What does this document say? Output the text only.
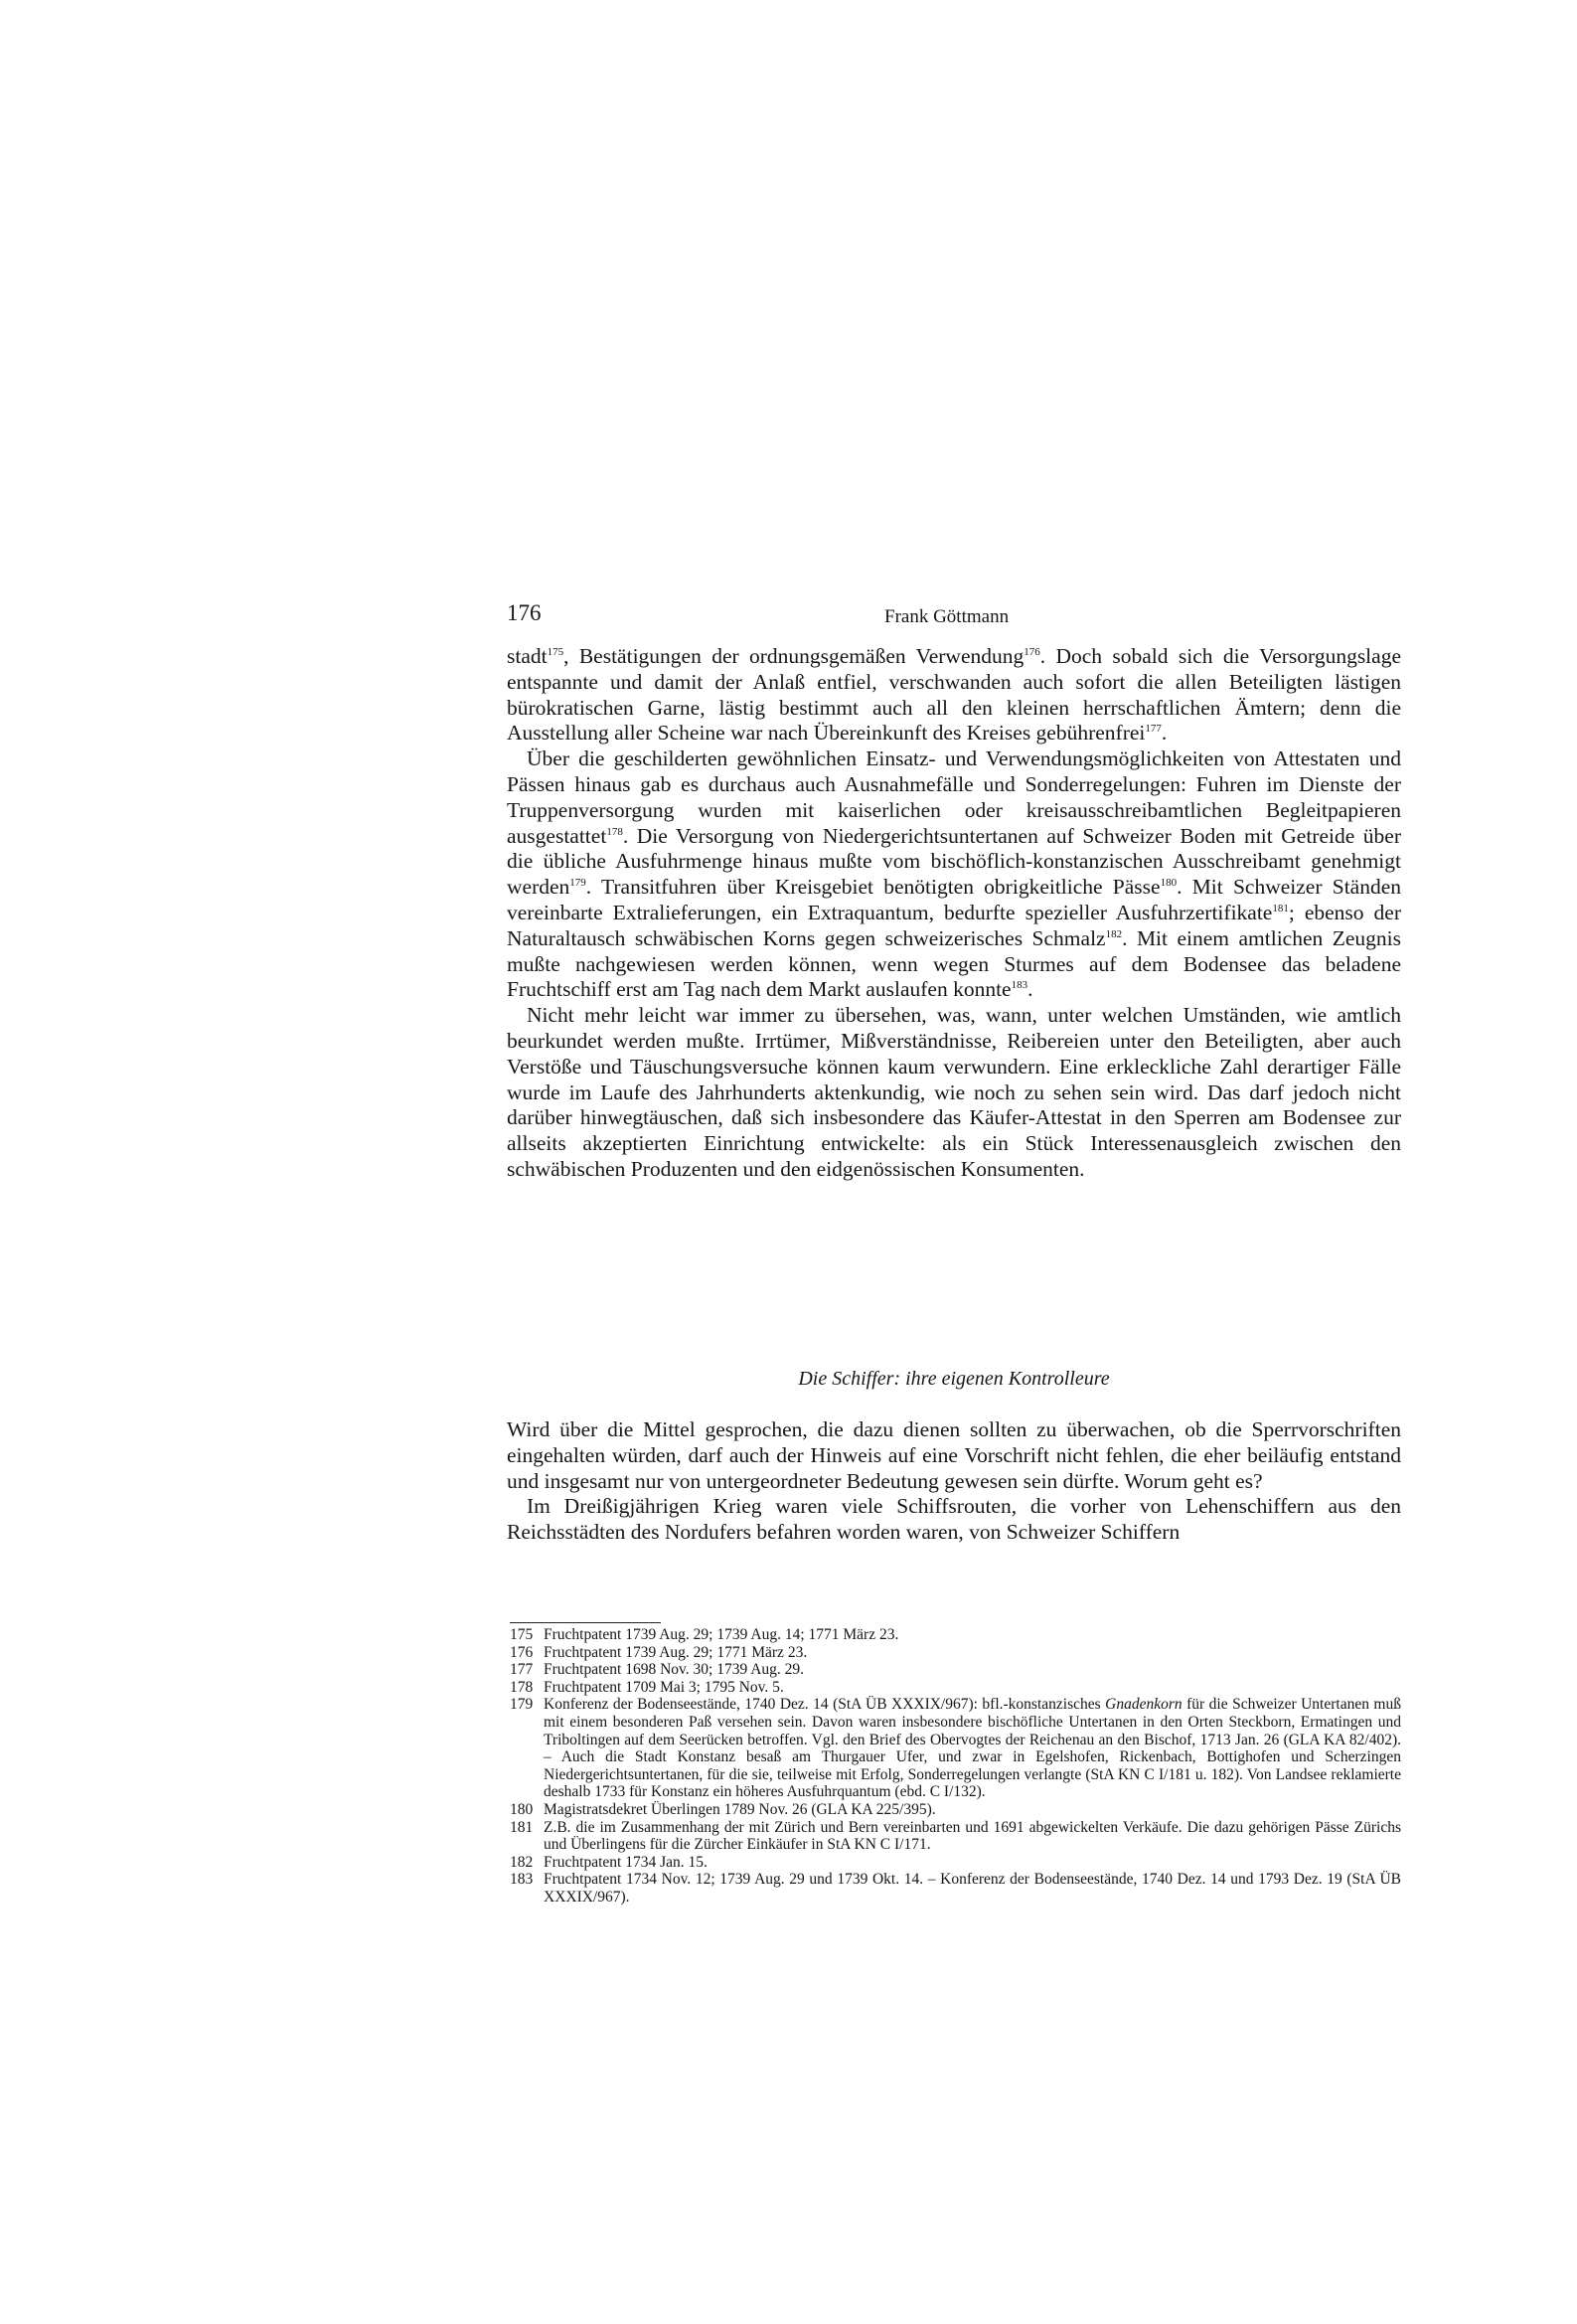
176	Frank Göttmann

stadt$^{175}$, Bestätigungen der ordnungsgemäßen Verwendung$^{176}$. Doch sobald sich die Versorgungslage entspannte und damit der Anlaß entfiel, verschwanden auch sofort die allen Beteiligten lästigen bürokratischen Garne, lästig bestimmt auch all den kleinen herrschaftlichen Ämtern; denn die Ausstellung aller Scheine war nach Übereinkunft des Kreises gebührenfrei$^{177}$.

Über die geschilderten gewöhnlichen Einsatz- und Verwendungsmöglichkeiten von Attestaten und Pässen hinaus gab es durchaus auch Ausnahmefälle und Sonderregelungen: Fuhren im Dienste der Truppenversorgung wurden mit kaiserlichen oder kreisausschreibamtlichen Begleitpapieren ausgestattet$^{178}$. Die Versorgung von Niedergerichtsuntertanen auf Schweizer Boden mit Getreide über die übliche Ausfuhrmenge hinaus mußte vom bischöflich-konstanzischen Ausschreibamt genehmigt werden$^{179}$. Transitfuhren über Kreisgebiet benötigten obrigkeitliche Pässe$^{180}$. Mit Schweizer Ständen vereinbarte Extralieferungen, ein Extraquantum, bedurfte spezieller Ausfuhrzertifikate$^{181}$; ebenso der Naturaltausch schwäbischen Korns gegen schweizerisches Schmalz$^{182}$. Mit einem amtlichen Zeugnis mußte nachgewiesen werden können, wenn wegen Sturmes auf dem Bodensee das beladene Fruchtschiff erst am Tag nach dem Markt auslaufen konnte$^{183}$.

Nicht mehr leicht war immer zu übersehen, was, wann, unter welchen Umständen, wie amtlich beurkundet werden mußte. Irrtümer, Mißverständnisse, Reibereien unter den Beteiligten, aber auch Verstöße und Täuschungsversuche können kaum verwundern. Eine erkleckliche Zahl derartiger Fälle wurde im Laufe des Jahrhunderts aktenkundig, wie noch zu sehen sein wird. Das darf jedoch nicht darüber hinwegtäuschen, daß sich insbesondere das Käufer-Attestat in den Sperren am Bodensee zur allseits akzeptierten Einrichtung entwickelte: als ein Stück Interessenausgleich zwischen den schwäbischen Produzenten und den eidgenössischen Konsumenten.

Die Schiffer: ihre eigenen Kontrolleure

Wird über die Mittel gesprochen, die dazu dienen sollten zu überwachen, ob die Sperrvorschriften eingehalten würden, darf auch der Hinweis auf eine Vorschrift nicht fehlen, die eher beiläufig entstand und insgesamt nur von untergeordneter Bedeutung gewesen sein dürfte. Worum geht es?

Im Dreißigjährigen Krieg waren viele Schiffsrouten, die vorher von Lehenschiffern aus den Reichsstädten des Nordufers befahren worden waren, von Schweizer Schiffern

175 Fruchtpatent 1739 Aug. 29; 1739 Aug. 14; 1771 März 23.
176 Fruchtpatent 1739 Aug. 29; 1771 März 23.
177 Fruchtpatent 1698 Nov. 30; 1739 Aug. 29.
178 Fruchtpatent 1709 Mai 3; 1795 Nov. 5.
179 Konferenz der Bodenseestände, 1740 Dez. 14 (StA ÜB XXXIX/967): bfl.-konstanzisches Gnadenkorn für die Schweizer Untertanen muß mit einem besonderen Paß versehen sein. Davon waren insbesondere bischöfliche Untertanen in den Orten Steckborn, Ermatingen und Triboltingen auf dem Seerücken betroffen. Vgl. den Brief des Obervogtes der Reichenau an den Bischof, 1713 Jan. 26 (GLA KA 82/402). – Auch die Stadt Konstanz besaß am Thurgauer Ufer, und zwar in Egelshofen, Rickenbach, Bottighofen und Scherzingen Niedergerichtsuntertanen, für die sie, teilweise mit Erfolg, Sonderregelungen verlangte (StA KN C I/181 u. 182). Von Landsee reklamierte deshalb 1733 für Konstanz ein höheres Ausfuhrquantum (ebd. C I/132).
180 Magistratsdekret Überlingen 1789 Nov. 26 (GLA KA 225/395).
181 Z.B. die im Zusammenhang der mit Zürich und Bern vereinbarten und 1691 abgewickelten Verkäufe. Die dazu gehörigen Pässe Zürichs und Überlingens für die Zürcher Einkäufer in StA KN C I/171.
182 Fruchtpatent 1734 Jan. 15.
183 Fruchtpatent 1734 Nov. 12; 1739 Aug. 29 und 1739 Okt. 14. – Konferenz der Bodenseestände, 1740 Dez. 14 und 1793 Dez. 19 (StA ÜB XXXIX/967).
